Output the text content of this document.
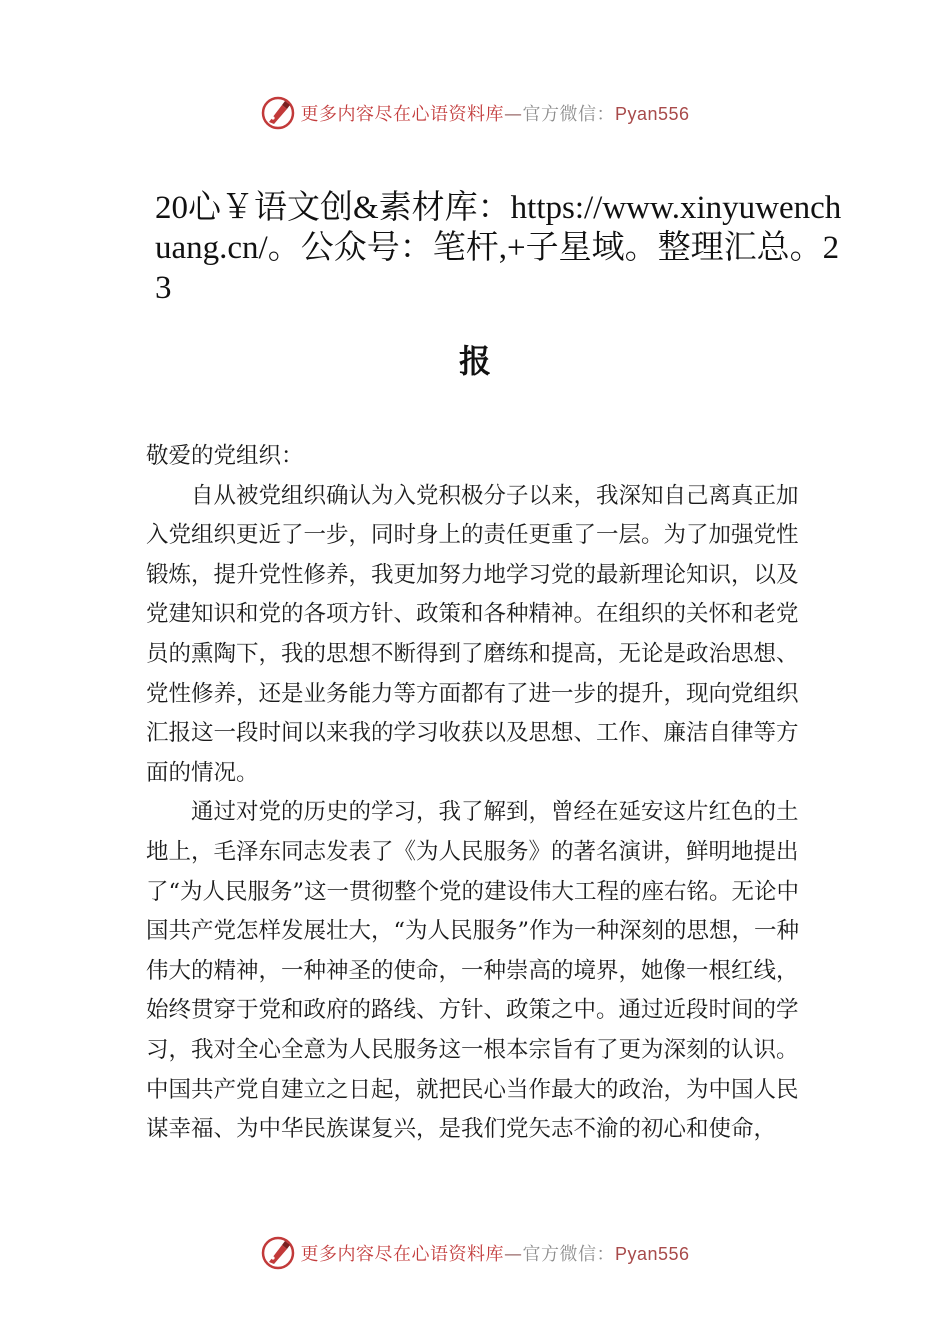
更多内容尽在心语资料库—官方微信：Pyan556
20心￥语文创&素材库：https://www.xinyuwenchuang.cn/。公众号：笔杆,+子星域。整理汇总。23
报

敬爱的党组织：

自从被党组织确认为入党积极分子以来，我深知自己离真正加入党组织更近了一步，同时身上的责任更重了一层。为了加强党性锻炼，提升党性修养，我更加努力地学习党的最新理论知识，以及党建知识和党的各项方针、政策和各种精神。在组织的关怀和老党员的熏陶下，我的思想不断得到了磨练和提高，无论是政治思想、党性修养，还是业务能力等方面都有了进一步的提升，现向党组织汇报这一段时间以来我的学习收获以及思想、工作、廉洁自律等方面的情况。

通过对党的历史的学习，我了解到，曾经在延安这片红色的土地上，毛泽东同志发表了《为人民服务》的著名演讲，鲜明地提出了“为人民服务”这一贯彻整个党的建设伟大工程的座右铭。无论中国共产党怎样发展壮大，“为人民服务”作为一种深刻的思想，一种伟大的精神，一种神圣的使命，一种崇高的境界，她像一根红线，始终贯穿于党和政府的路线、方针、政策之中。通过近段时间的学习，我对全心全意为人民服务这一根本宗旨有了更为深刻的认识。中国共产党自建立之日起，就把民心当作最大的政治，为中国人民谋幸福、为中华民族谋复兴，是我们党矢志不渝的初心和使命，

更多内容尽在心语资料库—官方微信：Pyan556
